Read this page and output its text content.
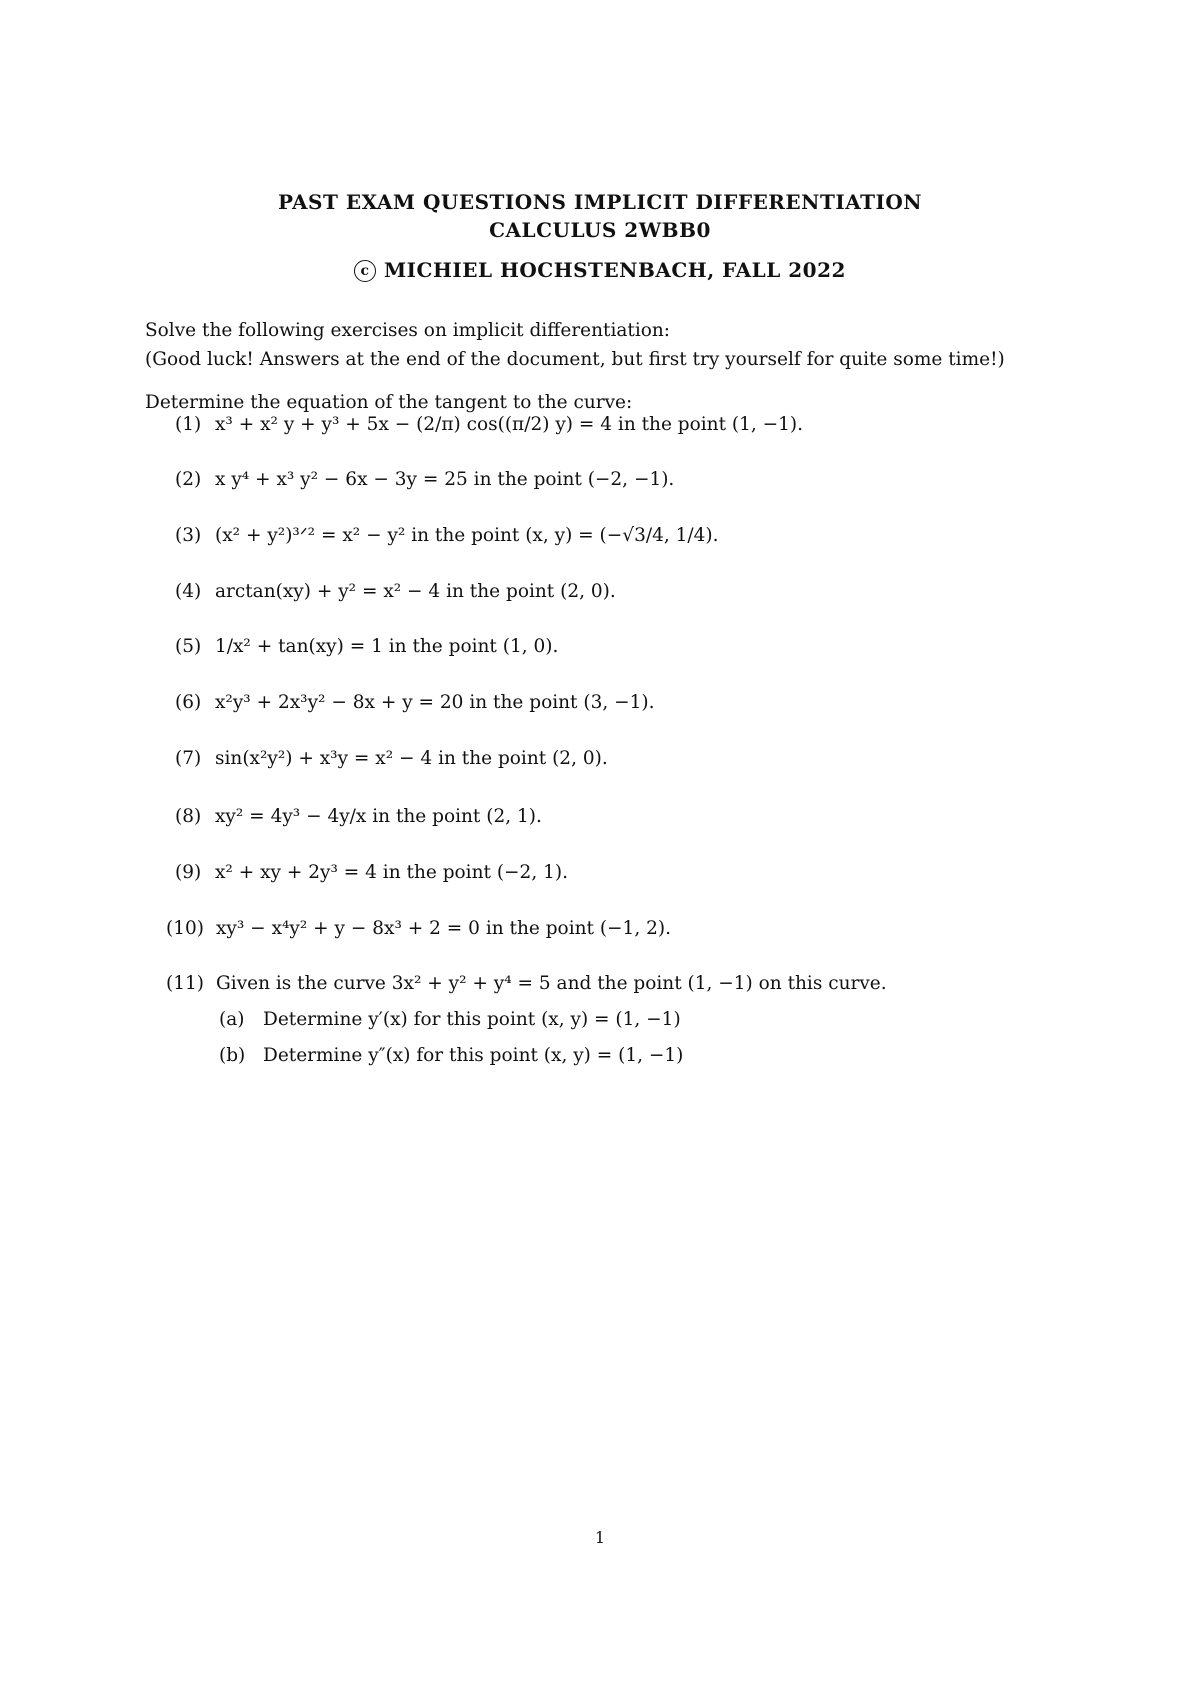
PAST EXAM QUESTIONS IMPLICIT DIFFERENTIATION
CALCULUS 2WBB0
c MICHIEL HOCHSTENBACH, FALL 2022
Solve the following exercises on implicit differentiation:
(Good luck! Answers at the end of the document, but first try yourself for quite some time!)
Determine the equation of the tangent to the curve:
(1) x³ + x² y + y³ + 5x − (2/π) cos((π/2) y) = 4 in the point (1, −1).
(2) x y⁴ + x³ y² − 6x − 3y = 25 in the point (−2, −1).
(3) (x² + y²)³ᐟ² = x² − y² in the point (x, y) = (−√3/4, 1/4).
(4) arctan(xy) + y² = x² − 4 in the point (2, 0).
(5) 1/x² + tan(xy) = 1 in the point (1, 0).
(6) x²y³ + 2x³y² − 8x + y = 20 in the point (3, −1).
(7) sin(x²y²) + x³y = x² − 4 in the point (2, 0).
(8) xy² = 4y³ − 4y/x in the point (2, 1).
(9) x² + xy + 2y³ = 4 in the point (−2, 1).
(10) xy³ − x⁴y² + y − 8x³ + 2 = 0 in the point (−1, 2).
(11) Given is the curve 3x² + y² + y⁴ = 5 and the point (1, −1) on this curve.
(a) Determine y′(x) for this point (x, y) = (1, −1)
(b) Determine y″(x) for this point (x, y) = (1, −1)
1
